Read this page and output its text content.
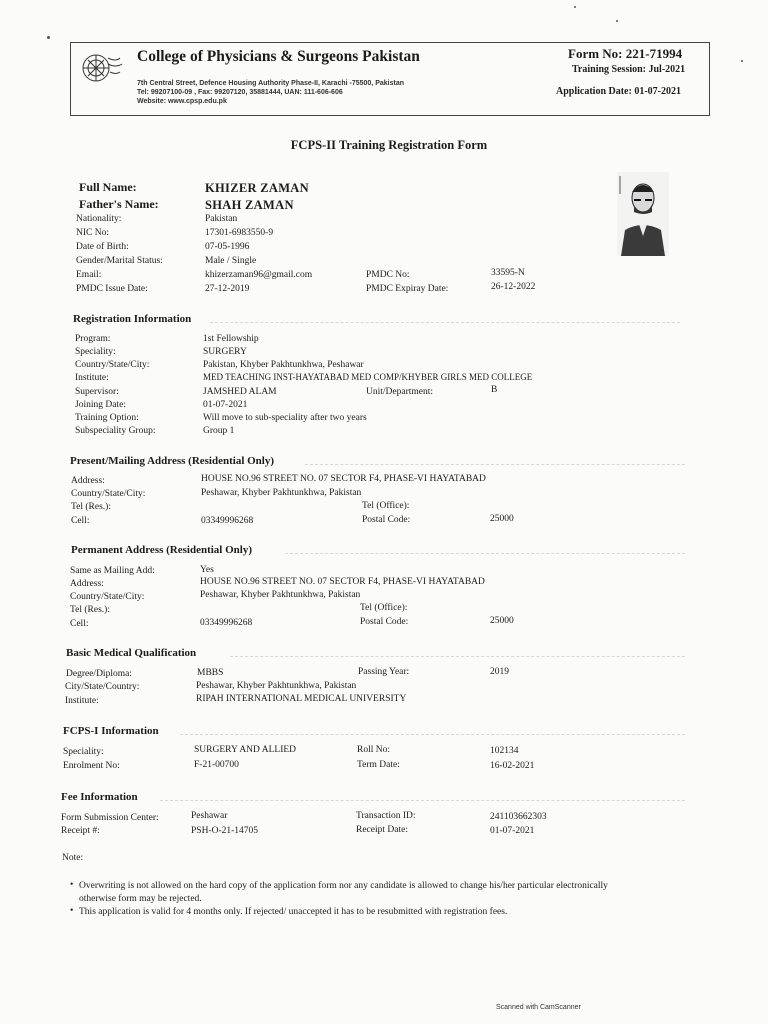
College of Physicians & Surgeons Pakistan
7th Central Street, Defence Housing Authority Phase-II, Karachi -75500, Pakistan
Tel: 99207100-09 , Fax: 99207120, 35881444, UAN: 111-606-606
Website: www.cpsp.edu.pk
Form No: 221-71994
Training Session: Jul-2021
Application Date: 01-07-2021
FCPS-II Training Registration Form
Full Name:	KHIZER ZAMAN
Father's Name:	SHAH ZAMAN
Nationality:	Pakistan
NIC No:	17301-6983550-9
Date of Birth:	07-05-1996
Gender/Marital Status:	Male / Single
Email:	khizerzaman96@gmail.com	PMDC No:	33595-N
PMDC Issue Date:	27-12-2019	PMDC Expiray Date:	26-12-2022
Registration Information
Program:	1st Fellowship
Speciality:	SURGERY
Country/State/City:	Pakistan, Khyber Pakhtunkhwa, Peshawar
Institute:	MED TEACHING INST-HAYATABAD MED COMP/KHYBER GIRLS MED COLLEGE
Supervisor:	JAMSHED ALAM	Unit/Department:	B
Joining Date:	01-07-2021
Training Option:	Will move to sub-speciality after two years
Subspeciality Group:	Group 1
Present/Mailing Address (Residential Only)
Address:	HOUSE NO.96 STREET NO. 07 SECTOR F4, PHASE-VI HAYATABAD
Country/State/City:	Peshawar, Khyber Pakhtunkhwa, Pakistan
Tel (Res.):	Tel (Office):
Cell:	03349996268	Postal Code:	25000
Permanent Address (Residential Only)
Same as Mailing Add:	Yes
Address:	HOUSE NO.96 STREET NO. 07 SECTOR F4, PHASE-VI HAYATABAD
Country/State/City:	Peshawar, Khyber Pakhtunkhwa, Pakistan
Tel (Res.):	Tel (Office):
Cell:	03349996268	Postal Code:	25000
Basic Medical Qualification
Degree/Diploma:	MBBS	Passing Year:	2019
City/State/Country:	Peshawar, Khyber Pakhtunkhwa, Pakistan
Institute:	RIPAH INTERNATIONAL MEDICAL UNIVERSITY
FCPS-I Information
Speciality:	SURGERY AND ALLIED	Roll No:	102134
Enrolment No:	F-21-00700	Term Date:	16-02-2021
Fee Information
Form Submission Center:	Peshawar	Transaction ID:	241103662303
Receipt #:	PSH-O-21-14705	Receipt Date:	01-07-2021
Note:
• Overwriting is not allowed on the hard copy of the application form nor any candidate is allowed to change his/her particular electronically
otherwise form may be rejected.
• This application is valid for 4 months only. If rejected/ unaccepted it has to be resubmitted with registration fees.
Scanned with CamScanner
